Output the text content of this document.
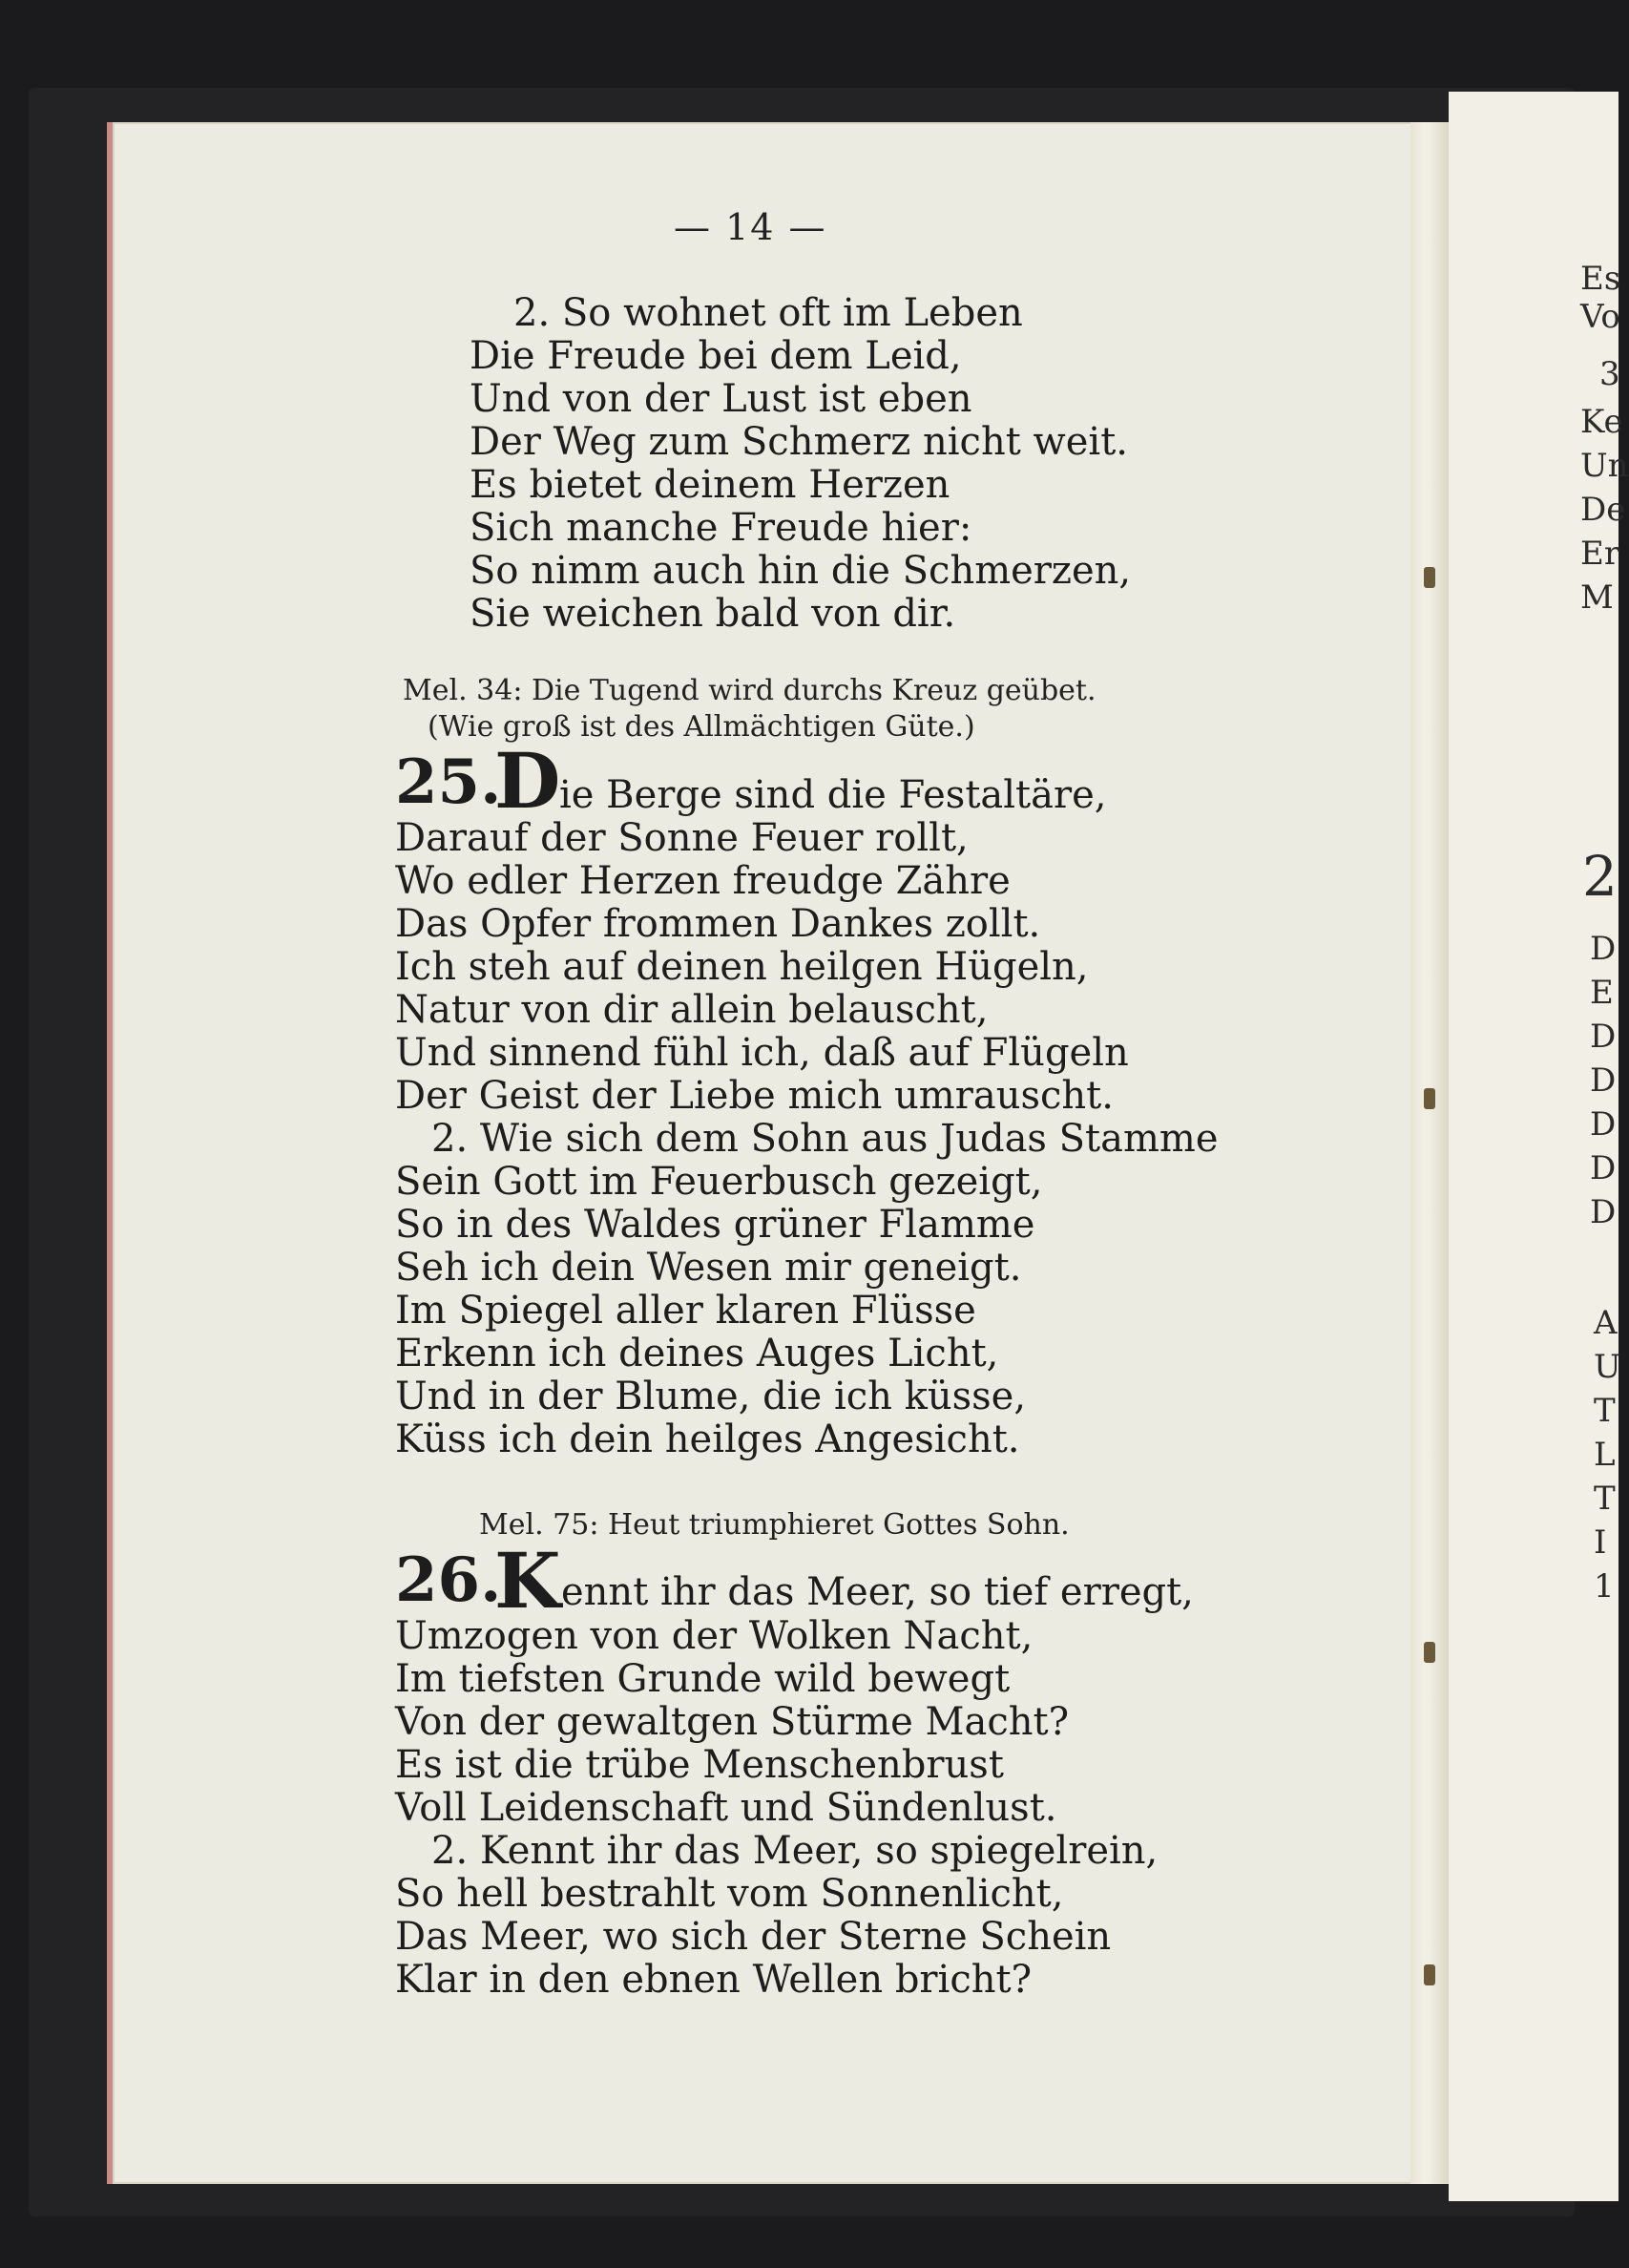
— 14 —
2. So wohnet oft im Leben
Die Freude bei dem Leid,
Und von der Lust ist eben
Der Weg zum Schmerz nicht weit.
Es bietet deinem Herzen
Sich manche Freude hier:
So nimm auch hin die Schmerzen,
Sie weichen bald von dir.
Mel. 34: Die Tugend wird durchs Kreuz geübet.
(Wie groß ist des Allmächtigen Güte.)
25.
D
ie Berge sind die Festaltäre,
Darauf der Sonne Feuer rollt,
Wo edler Herzen freudge Zähre
Das Opfer frommen Dankes zollt.
Ich steh auf deinen heilgen Hügeln,
Natur von dir allein belauscht,
Und sinnend fühl ich, daß auf Flügeln
Der Geist der Liebe mich umrauscht.
2. Wie sich dem Sohn aus Judas Stamme
Sein Gott im Feuerbusch gezeigt,
So in des Waldes grüner Flamme
Seh ich dein Wesen mir geneigt.
Im Spiegel aller klaren Flüsse
Erkenn ich deines Auges Licht,
Und in der Blume, die ich küsse,
Küss ich dein heilges Angesicht.
Mel. 75: Heut triumphieret Gottes Sohn.
26.
K ennt ihr das Meer, so tief erregt,
Umzogen von der Wolken Nacht,
Im tiefsten Grunde wild bewegt
Von der gewaltgen Stürme Macht?
Es ist die trübe Menschenbrust
Voll Leidenschaft und Sündenlust.
2. Kennt ihr das Meer, so spiegelrein,
So hell bestrahlt vom Sonnenlicht,
Das Meer, wo sich der Sterne Schein
Klar in den ebnen Wellen bricht?
Es
Vo
3
Ke
Un
De
Er
M
2
D
E
D
D
D
D
D
A
U
T
L
T
I
1
